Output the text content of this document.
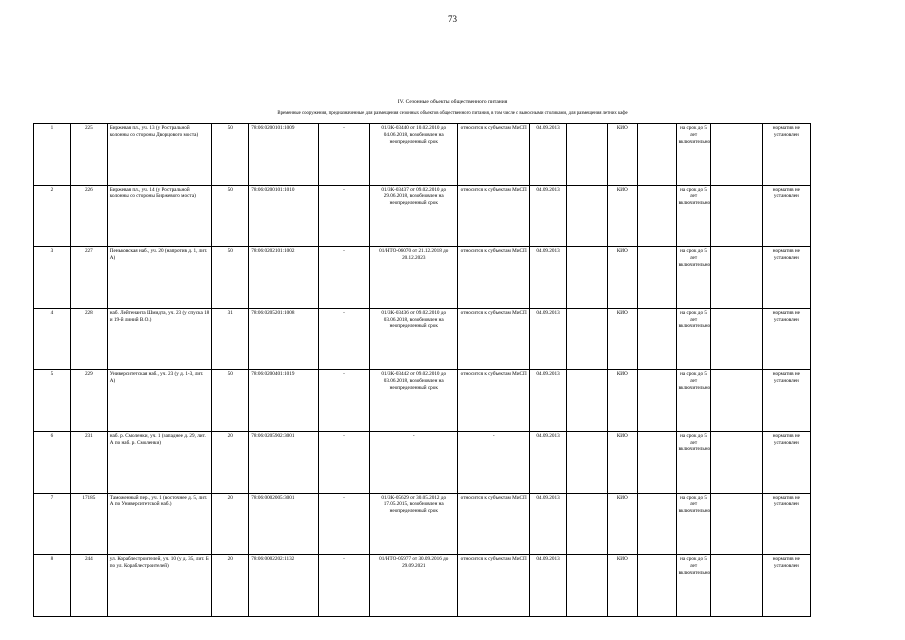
73
IV. Сезонные объекты общественного питания
Временные сооружения, предназначенные для размещения сезонных объектов общественного питания, в том числе с выносными столиками, для размещения летних кафе
1	225	Биржевая пл., уч. 13 (у Ростральной колонны со стороны Дворцового моста)	50	78:06:0200101:1009	-	01/ЗК-03440 от 10.02.2010 до 04.06.2018, возобновлен на неопределенный срок	относится к субъектам МиСП	04.09.2013		КИО		на срок до 5 лет включительно		норматив не установлен
2	226	Биржевая пл., уч. 14 (у Ростральной колонны со стороны Биржевого моста)	50	78:06:0200101:1010	-	01/ЗК-03437 от 09.02.2010 до 29.06.2018, возобновлен на неопределенный срок	относится к субъектам МиСП	04.09.2013		КИО		на срок до 5 лет включительно		норматив не установлен
3	227	Пеньковская наб., уч. 20 (напротив д. 1, лит. А)	50	78:06:0202101:1002	-	01/НТО-06070 от 21.12.2018 до 20.12.2023	относится к субъектам МиСП	04.09.2013		КИО		на срок до 5 лет включительно		норматив не установлен
4	228	наб. Лейтенанта Шмидта, уч. 23 (у спуска 18 и 19-й линий В.О.)	31	78:06:0205201:1008	-	01/ЗК-03436 от 09.02.2010 до 03.06.2018, возобновлен на неопределенный срок	относится к субъектам МиСП	04.09.2013		КИО		на срок до 5 лет включительно		норматив не установлен
5	229	Университетская наб., уч. 23 (у д. 1-3, лит. А)	50	78:06:0200401:1019	-	01/ЗК-03442 от 09.02.2010 до 03.06.2018, возобновлен на неопределенный срок	относится к субъектам МиСП	04.09.2013		КИО		на срок до 5 лет включительно		норматив не установлен
6	231	наб. р. Смоленки, уч. 1 (западнее д. 29, лит. А по наб. р. Смоленки)	20	78:06:0205902:3001	-	-	-	04.09.2013		КИО		на срок до 5 лет включительно		норматив не установлен
7	17185	Таможенный пер., уч. 1 (восточнее д. 5, лит. А по Университетской наб.)	20	78:06:0002005:3001	-	01/ЗК-05629 от 30.05.2012 до 17.05.2015, возобновлен на неопределенный срок	относится к субъектам МиСП	04.09.2013		КИО		на срок до 5 лет включительно		норматив не установлен
8	244	ул. Кораблестроителей, уч. 10 (у д. 35, лит. Б по ул. Кораблестроителей)	20	78:06:0002202:1132	-	01/НТО-05977 от 30.09.2016 до 29.09.2021	относится к субъектам МиСП	04.09.2013		КИО		на срок до 5 лет включительно		норматив не установлен
